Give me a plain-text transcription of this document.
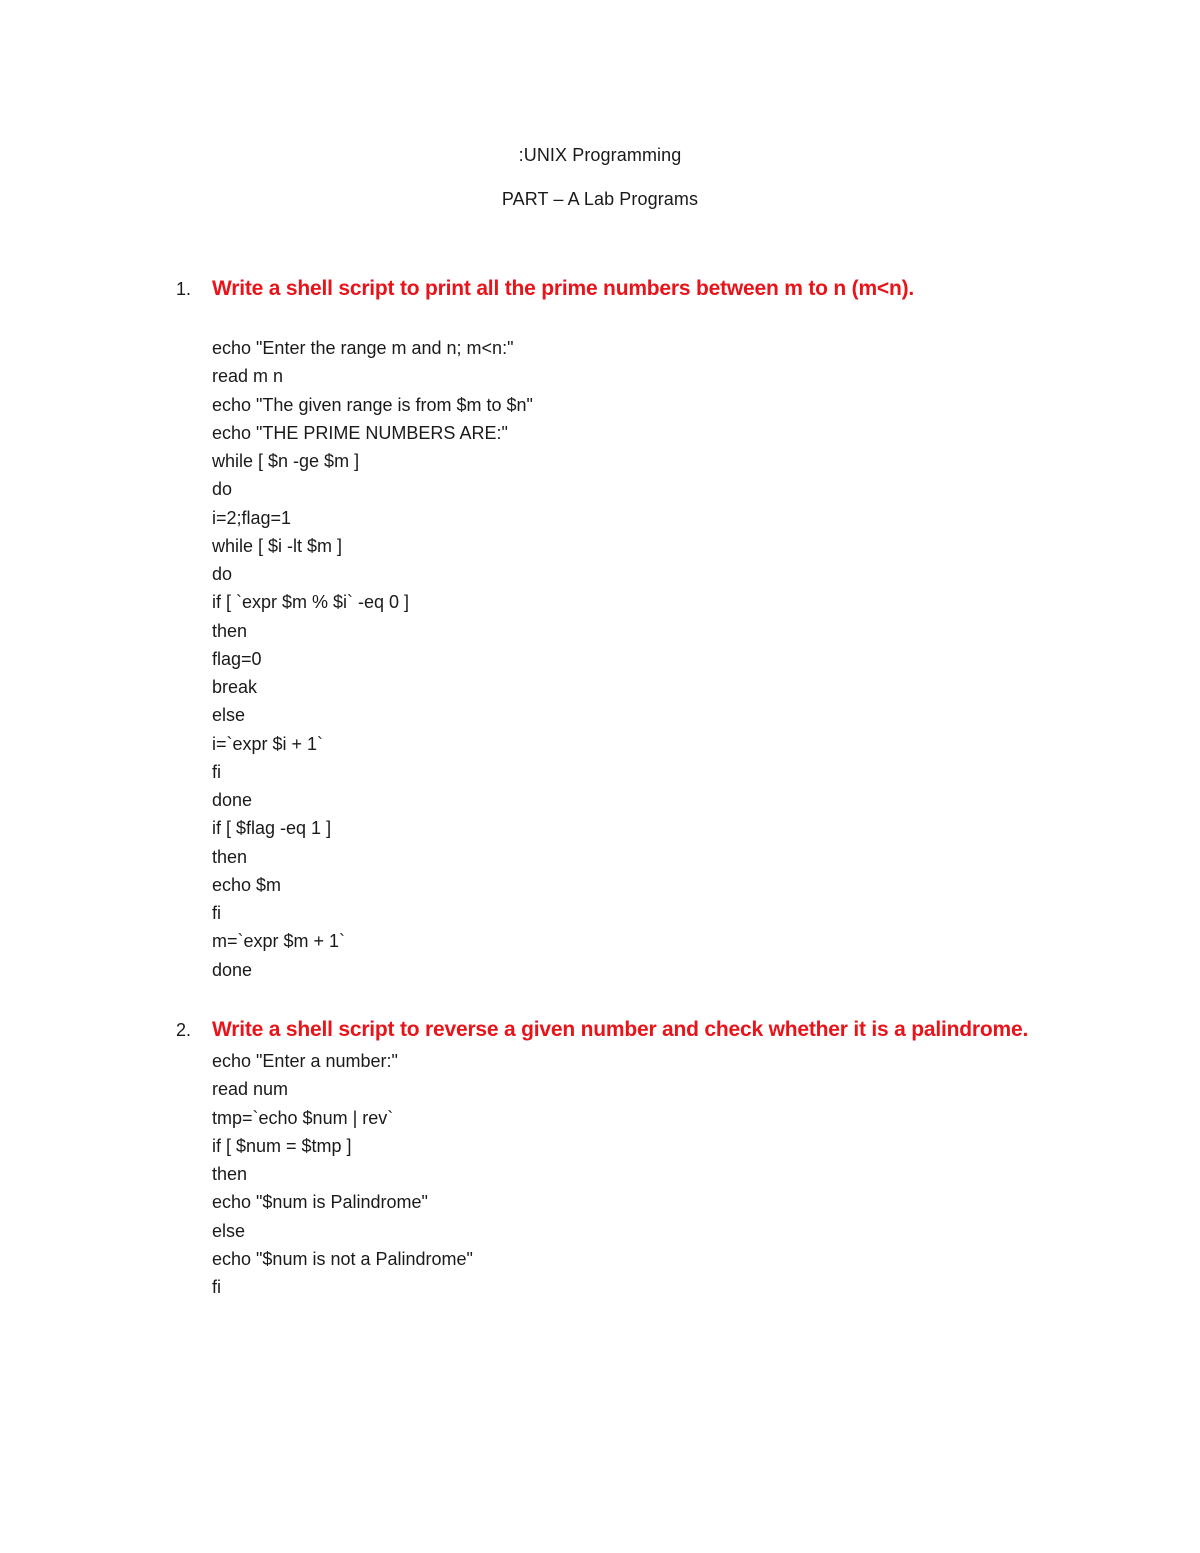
:UNIX Programming
PART – A Lab Programs
1. Write a shell script to print all the prime numbers between m to n (m<n).
echo "Enter the range m and n; m<n:"
read m n
echo "The given range is from $m to $n"
echo "THE PRIME NUMBERS ARE:"
while [ $n -ge $m ]
do
i=2;flag=1
while [ $i -lt $m ]
do
if [ `expr $m % $i` -eq 0 ]
then
flag=0
break
else
i=`expr $i + 1`
fi
done
if [ $flag -eq 1 ]
then
echo $m
fi
m=`expr $m + 1`
done
2. Write a shell script to reverse a given number and check whether it is a palindrome.
echo "Enter a number:"
read num
tmp=`echo $num | rev`
if [ $num = $tmp ]
then
echo "$num is Palindrome"
else
echo "$num is not a Palindrome"
fi
